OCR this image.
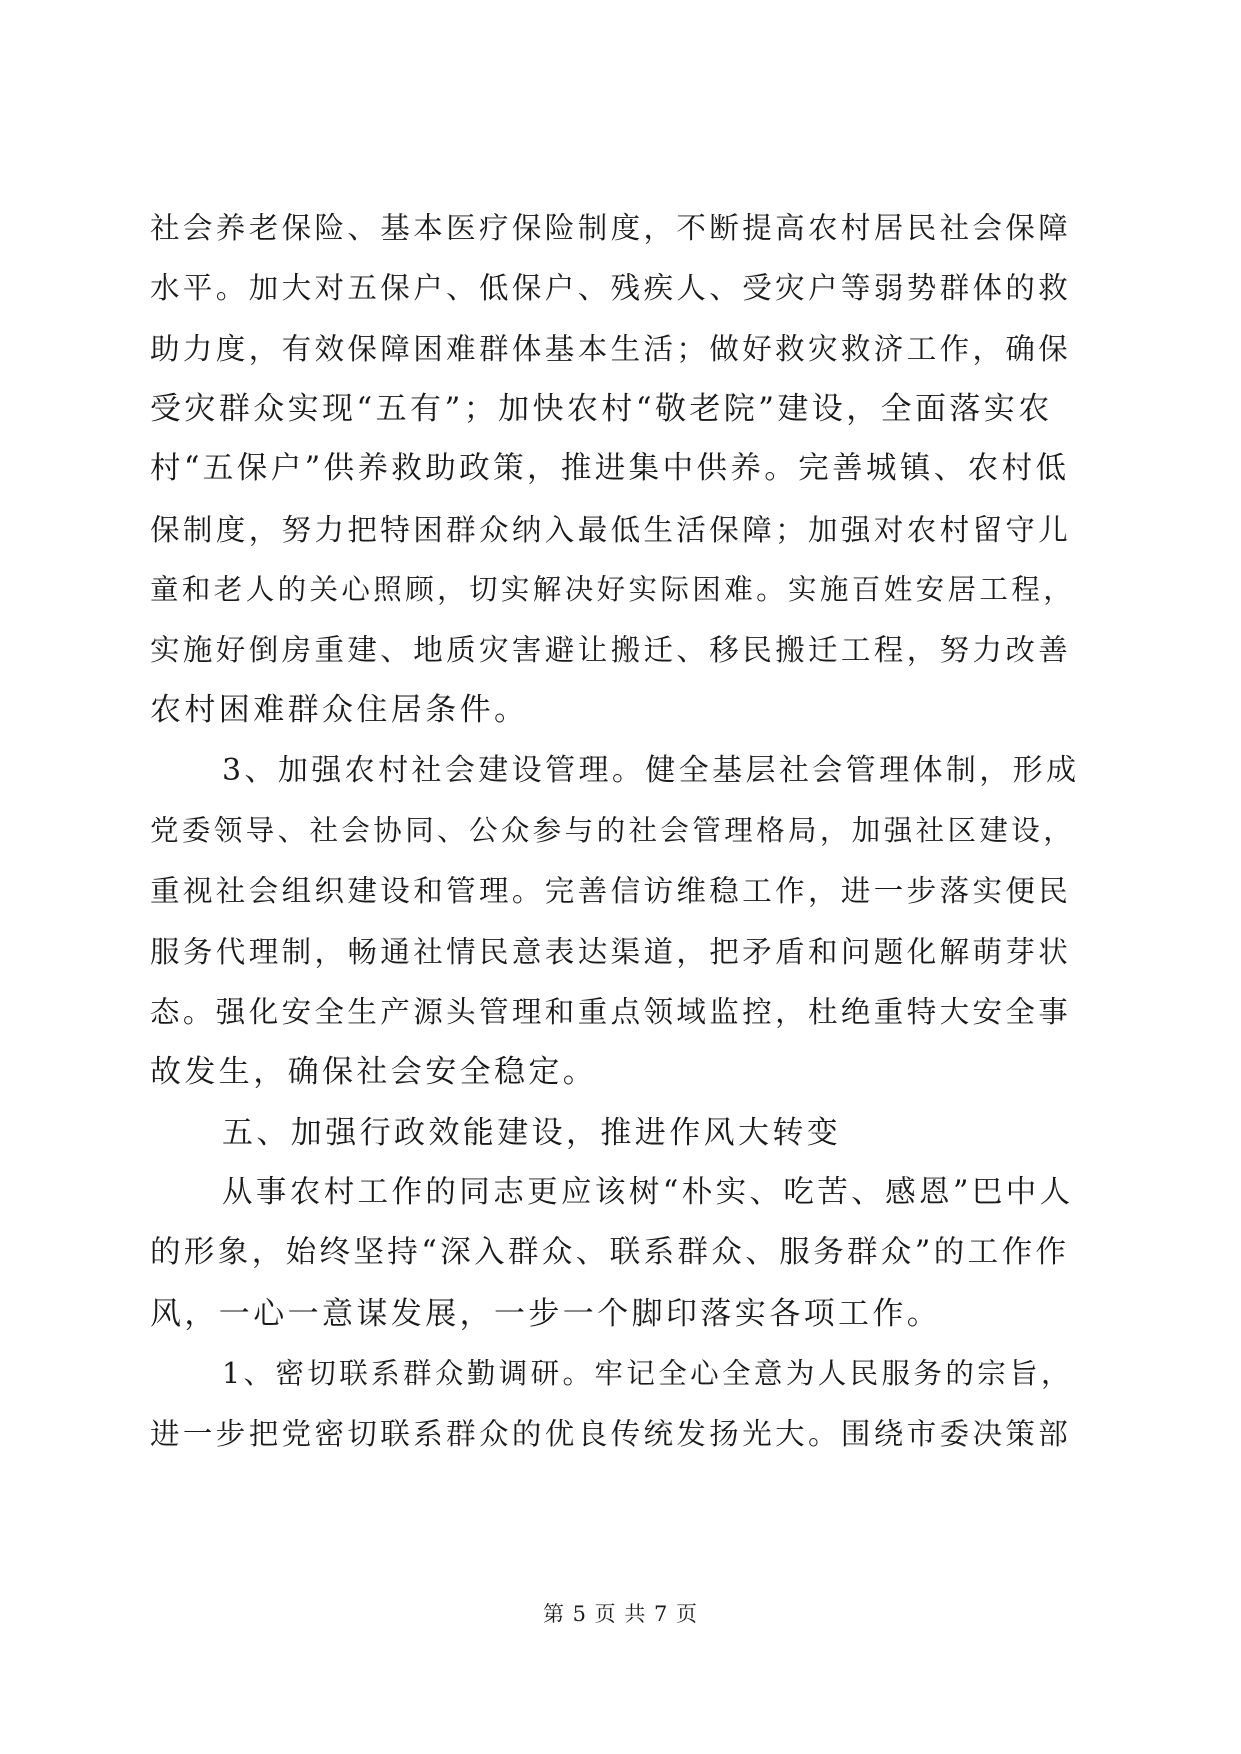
社会养老保险、基本医疗保险制度，不断提高农村居民社会保障
水平。加大对五保户、低保户、残疾人、受灾户等弱势群体的救
助力度，有效保障困难群体基本生活；做好救灾救济工作，确保
受灾群众实现“五有”；加快农村“敬老院”建设，全面落实农
村“五保户”供养救助政策，推进集中供养。完善城镇、农村低
保制度，努力把特困群众纳入最低生活保障；加强对农村留守儿
童和老人的关心照顾，切实解决好实际困难。实施百姓安居工程，
实施好倒房重建、地质灾害避让搬迁、移民搬迁工程，努力改善
农村困难群众住居条件。
3、加强农村社会建设管理。健全基层社会管理体制，形成
党委领导、社会协同、公众参与的社会管理格局，加强社区建设，
重视社会组织建设和管理。完善信访维稳工作，进一步落实便民
服务代理制，畅通社情民意表达渠道，把矛盾和问题化解萌芽状
态。强化安全生产源头管理和重点领域监控，杜绝重特大安全事
故发生，确保社会安全稳定。
五、加强行政效能建设，推进作风大转变
从事农村工作的同志更应该树“朴实、吃苦、感恩”巴中人
的形象，始终坚持“深入群众、联系群众、服务群众”的工作作
风，一心一意谋发展，一步一个脚印落实各项工作。
1、密切联系群众勤调研。牢记全心全意为人民服务的宗旨，
进一步把党密切联系群众的优良传统发扬光大。围绕市委决策部
第 5 页 共 7 页
